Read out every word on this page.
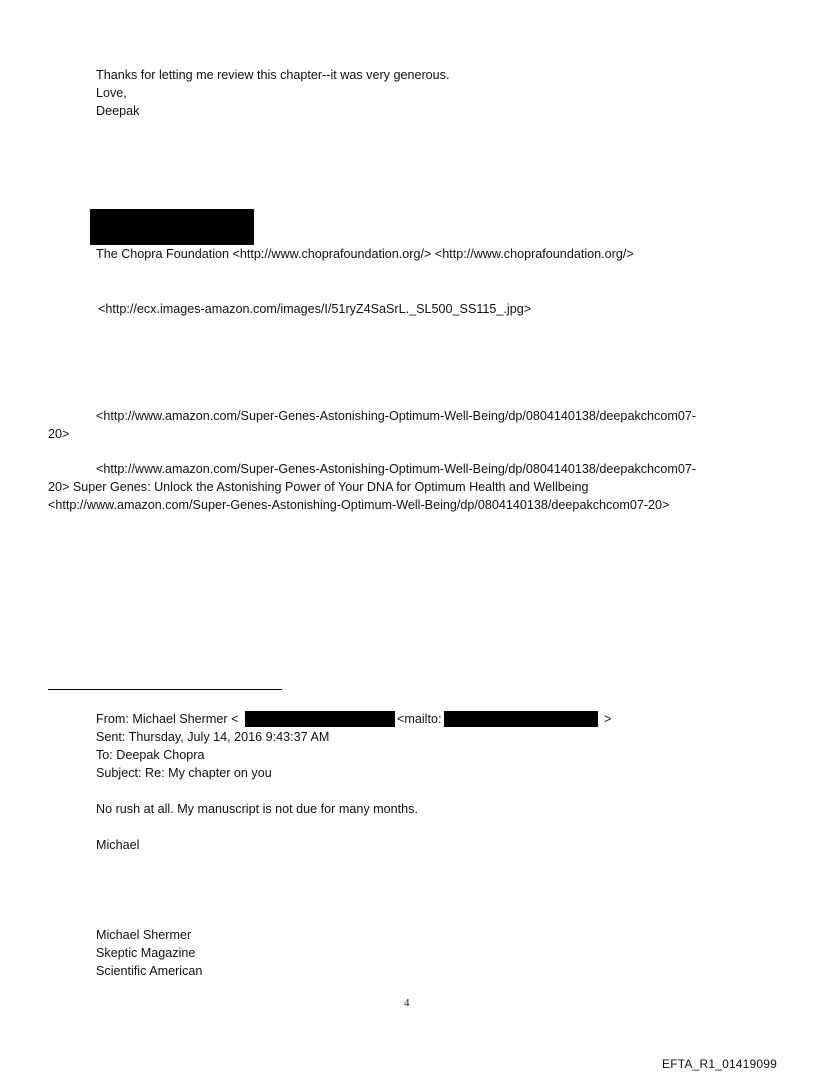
Thanks for letting me review this chapter--it was very generous.
Love,
Deepak
The Chopra Foundation <http://www.choprafoundation.org/> <http://www.choprafoundation.org/>
<http://ecx.images-amazon.com/images/I/51ryZ4SaSrL._SL500_SS115_.jpg>
<http://www.amazon.com/Super-Genes-Astonishing-Optimum-Well-Being/dp/0804140138/deepakchcom07-
20>
<http://www.amazon.com/Super-Genes-Astonishing-Optimum-Well-Being/dp/0804140138/deepakchcom07-
20> Super Genes: Unlock the Astonishing Power of Your DNA for Optimum Health and Wellbeing
<http://www.amazon.com/Super-Genes-Astonishing-Optimum-Well-Being/dp/0804140138/deepakchcom07-20>
From: Michael Shermer <	<mailto:	>
Sent: Thursday, July 14, 2016 9:43:37 AM
To: Deepak Chopra
Subject: Re: My chapter on you
No rush at all. My manuscript is not due for many months.
Michael
Michael Shermer
Skeptic Magazine
Scientific American
4
EFTA_R1_01419099
